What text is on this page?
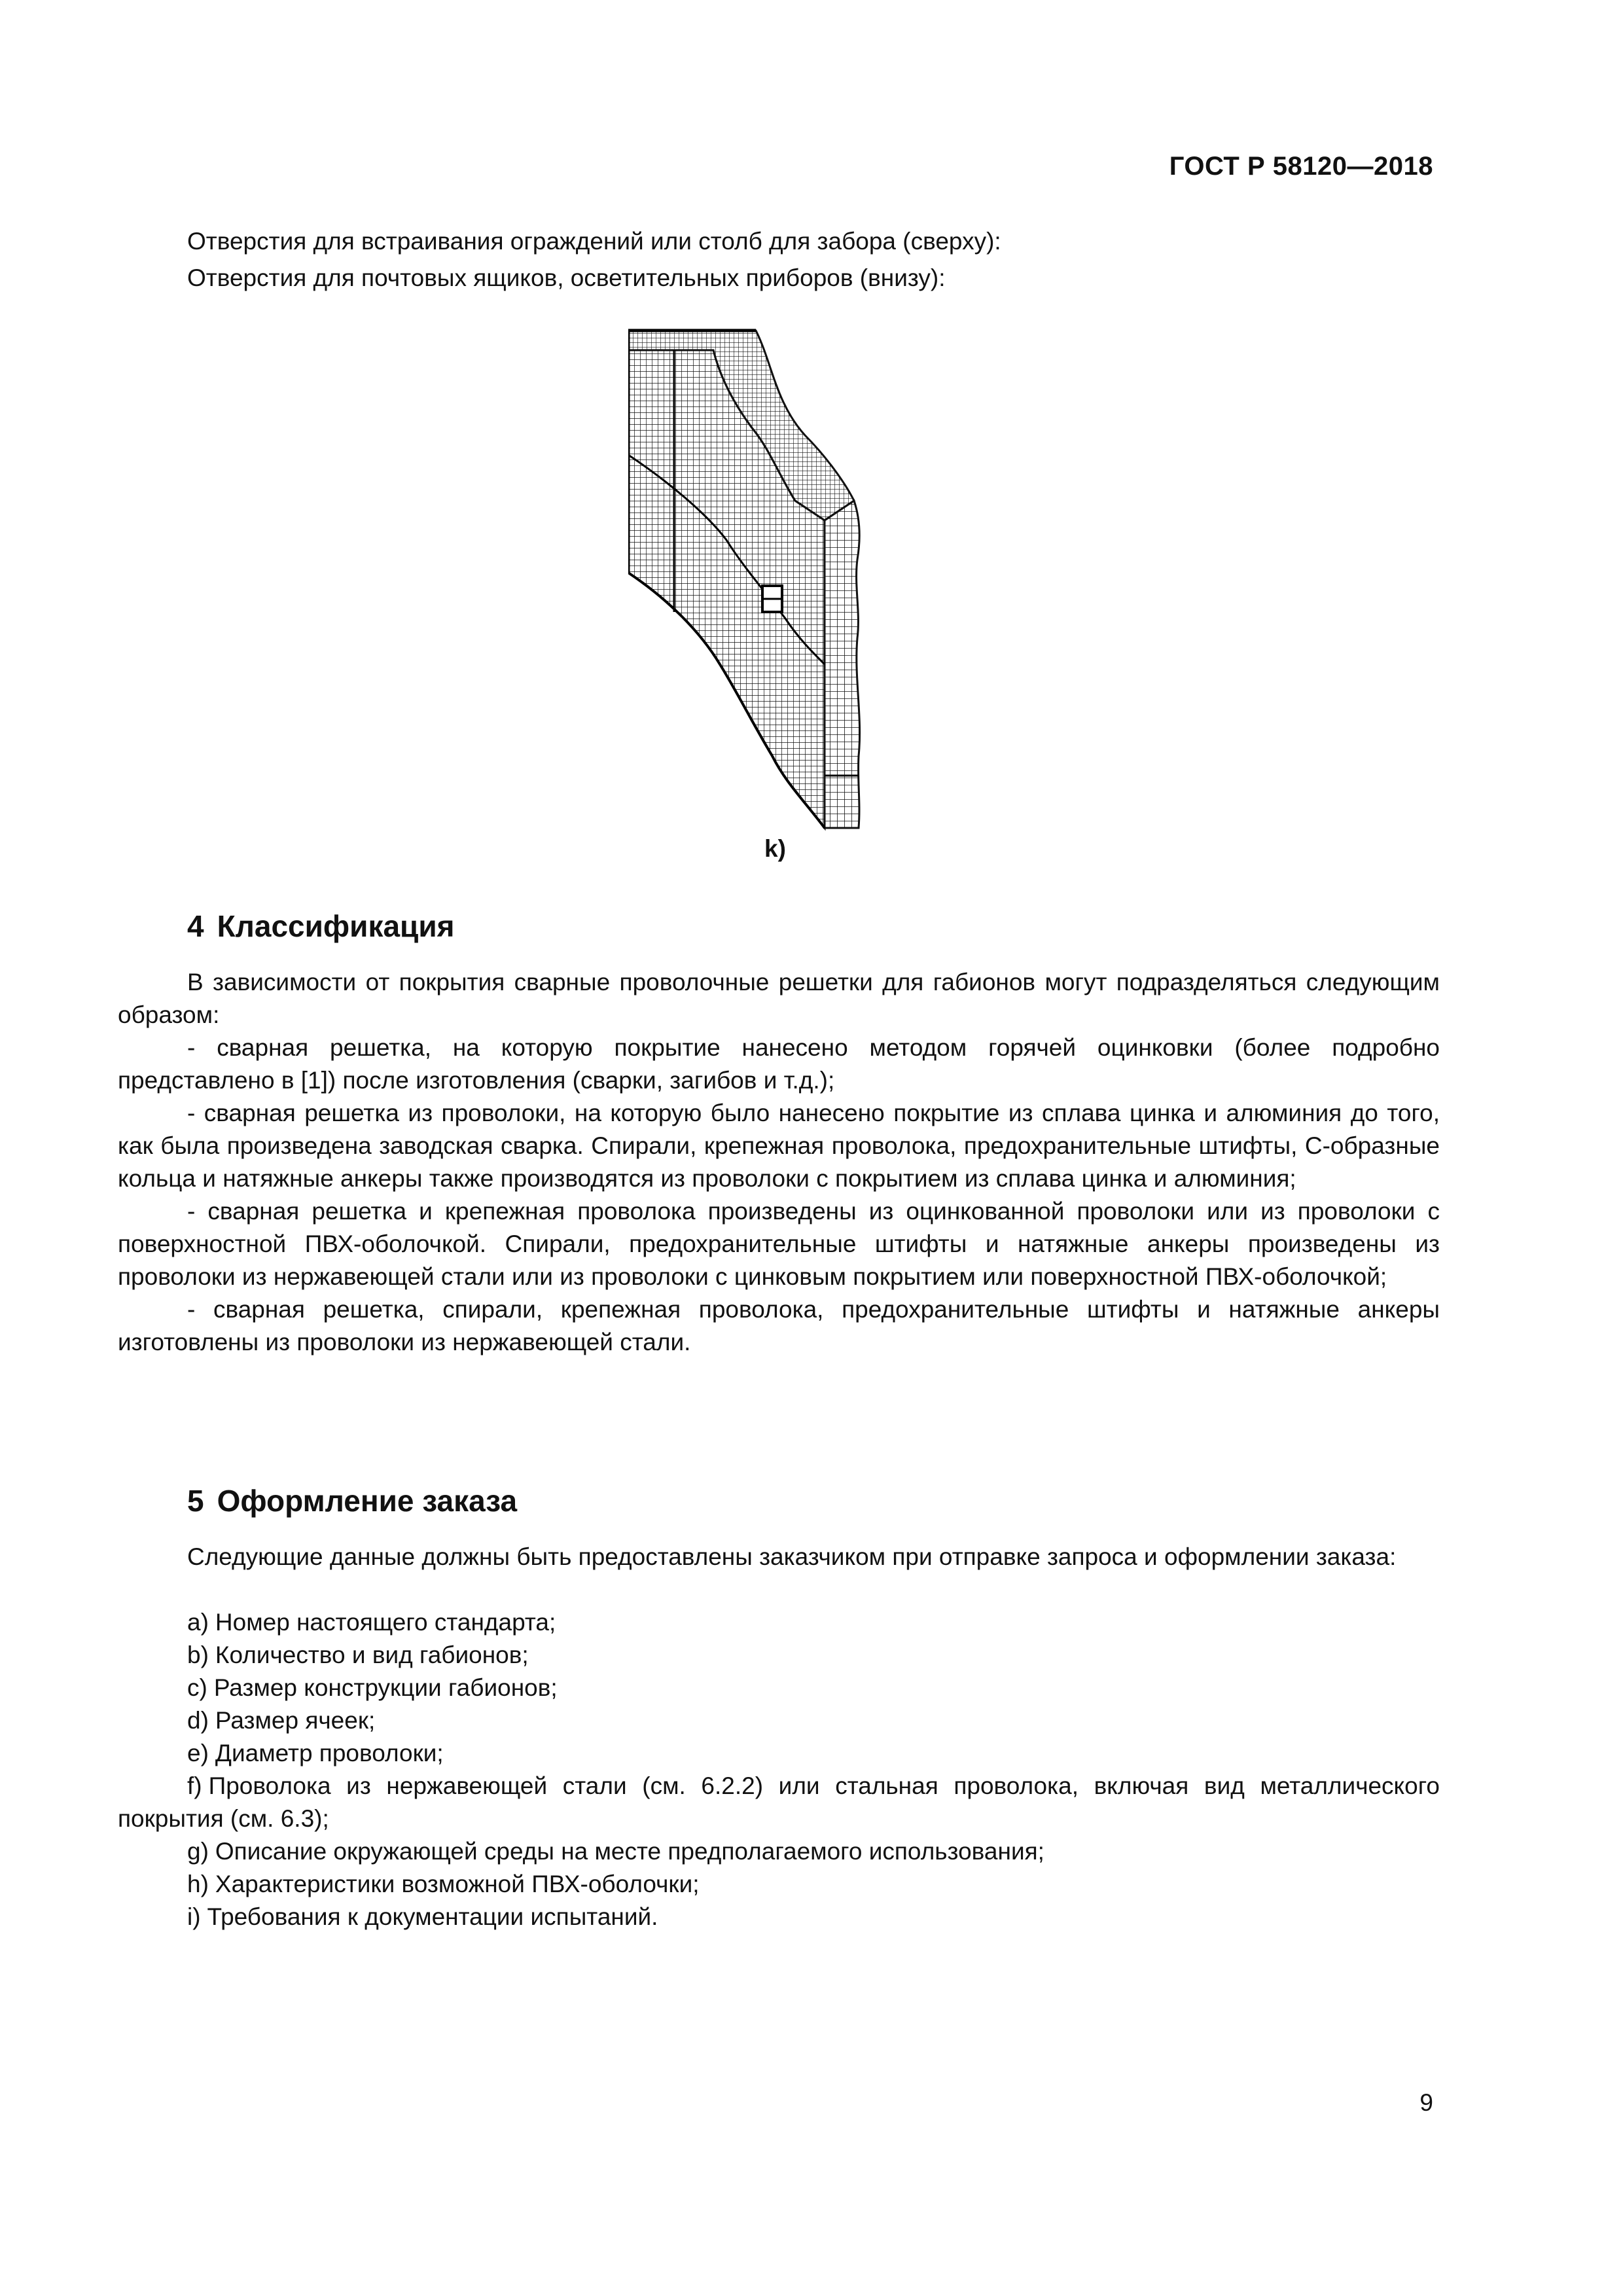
ГОСТ Р 58120—2018
Отверстия для встраивания ограждений или столб для забора (сверху):
Отверстия для почтовых ящиков, осветительных приборов (внизу):
k)
4 Классификация

В зависимости от покрытия сварные проволочные решетки для габионов могут подразделяться следующим образом:

- сварная решетка, на которую покрытие нанесено методом горячей оцинковки (более подробно представлено в [1]) после изготовления (сварки, загибов и т.д.);

- сварная решетка из проволоки, на которую было нанесено покрытие из сплава цинка и алюминия до того, как была произведена заводская сварка. Спирали, крепежная проволока, предохранительные штифты, С-образные кольца и натяжные анкеры также производятся из проволоки с покрытием из сплава цинка и алюминия;

- сварная решетка и крепежная проволока произведены из оцинкованной проволоки или из проволоки с поверхностной ПВХ-оболочкой. Спирали, предохранительные штифты и натяжные анкеры произведены из проволоки из нержавеющей стали или из проволоки с цинковым покрытием или поверхностной ПВХ-оболочкой;

- сварная решетка, спирали, крепежная проволока, предохранительные штифты и натяжные анкеры изготовлены из проволоки из нержавеющей стали.

5 Оформление заказа

Следующие данные должны быть предоставлены заказчиком при отправке запроса и оформлении заказа:

a) Номер настоящего стандарта;
b) Количество и вид габионов;
c) Размер конструкции габионов;
d) Размер ячеек;
e) Диаметр проволоки;
f) Проволока из нержавеющей стали (см. 6.2.2) или стальная проволока, включая вид металлического покрытия (см. 6.3);
g) Описание окружающей среды на месте предполагаемого использования;
h) Характеристики возможной ПВХ-оболочки;
i) Требования к документации испытаний.
9
